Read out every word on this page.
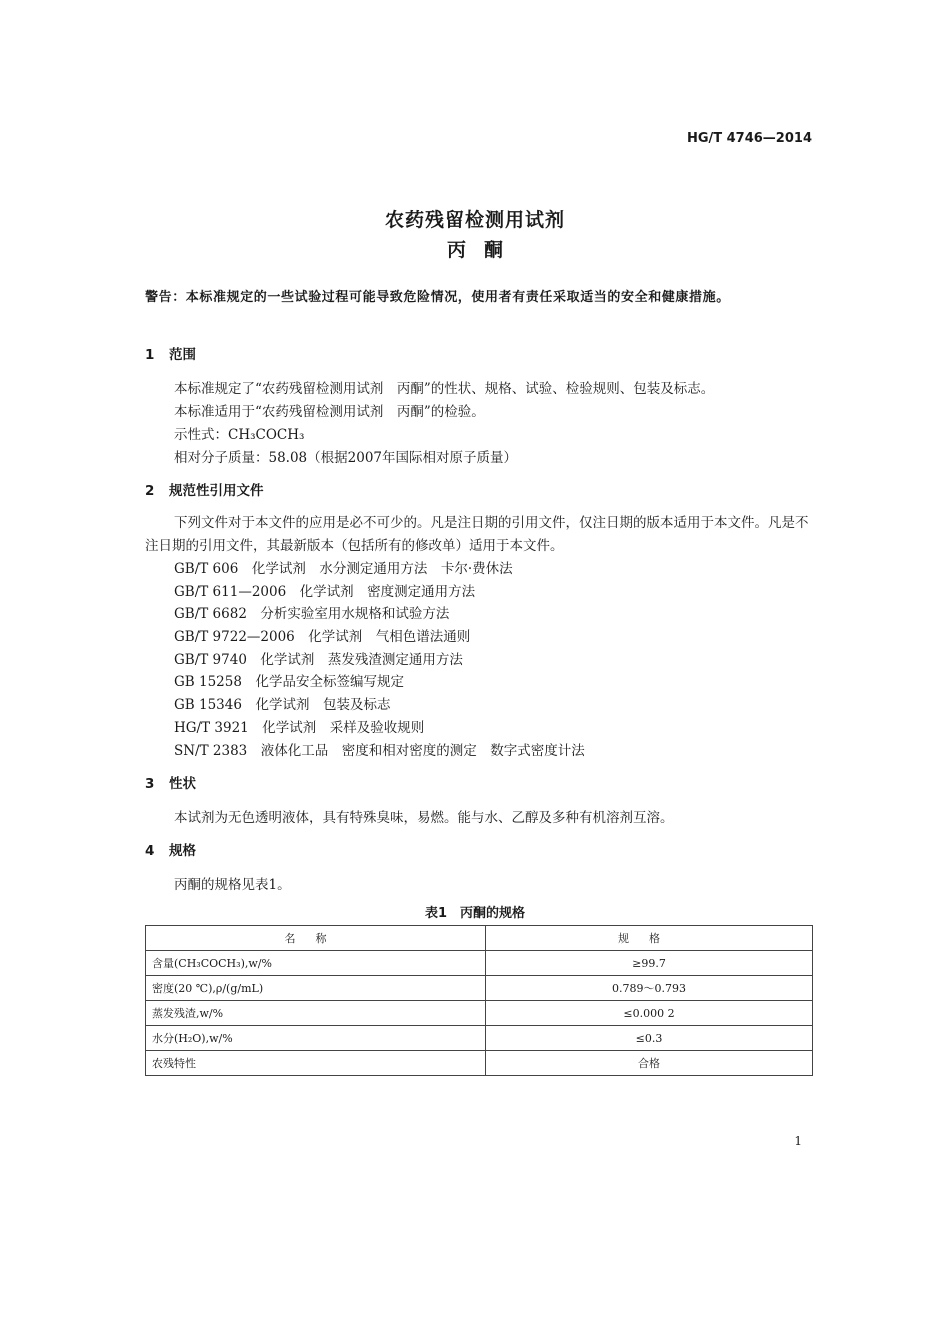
HG/T 4746—2014
农药残留检测用试剂
丙酮
警告：本标准规定的一些试验过程可能导致危险情况，使用者有责任采取适当的安全和健康措施。
1 范围
本标准规定了“农药残留检测用试剂　丙酮”的性状、规格、试验、检验规则、包装及标志。
本标准适用于“农药残留检测用试剂　丙酮”的检验。
示性式：CH₃COCH₃
相对分子质量：58.08（根据2007年国际相对原子质量）
2 规范性引用文件
下列文件对于本文件的应用是必不可少的。凡是注日期的引用文件，仅注日期的版本适用于本文件。凡是不注日期的引用文件，其最新版本（包括所有的修改单）适用于本文件。
GB/T 606　化学试剂　水分测定通用方法　卡尔·费休法
GB/T 611—2006　化学试剂　密度测定通用方法
GB/T 6682　分析实验室用水规格和试验方法
GB/T 9722—2006　化学试剂　气相色谱法通则
GB/T 9740　化学试剂　蒸发残渣测定通用方法
GB 15258　化学品安全标签编写规定
GB 15346　化学试剂　包装及标志
HG/T 3921　化学试剂　采样及验收规则
SN/T 2383　液体化工品　密度和相对密度的测定　数字式密度计法
3 性状
本试剂为无色透明液体，具有特殊臭味，易燃。能与水、乙醇及多种有机溶剂互溶。
4 规格
丙酮的规格见表1。
表1　丙酮的规格
名称	规格
含量(CH₃COCH₃),w/%	≥99.7
密度(20 ℃),ρ/(g/mL)	0.789～0.793
蒸发残渣,w/%	≤0.000 2
水分(H₂O),w/%	≤0.3
农残特性	合格
1
